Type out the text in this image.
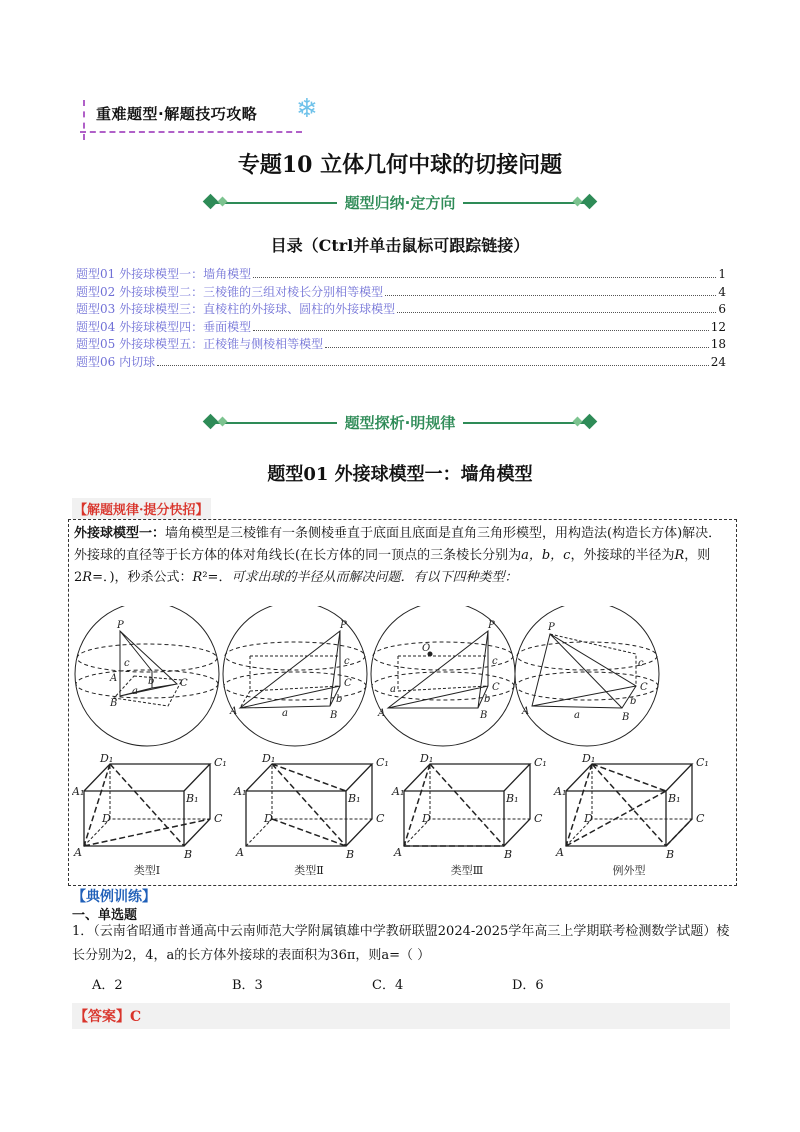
重难题型·解题技巧攻略 ❄
专题10 立体几何中球的切接问题
题型归纳·定方向
目录（Ctrl并单击鼠标可跟踪链接）
题型01 外接球模型一：墙角模型	1
题型02 外接球模型二：三棱锥的三组对棱长分别相等模型	4
题型03 外接球模型三：直棱柱的外接球、圆柱的外接球模型	6
题型04 外接球模型四：垂面模型	12
题型05 外接球模型五：正棱锥与侧棱相等模型	18
题型06 内切球	24
题型探析·明规律
题型01 外接球模型一：墙角模型
【解题规律·提分快招】
外接球模型一：墙角模型是三棱锥有一条侧棱垂直于底面且底面是直角三角形模型，用构造法(构造长方体)解决．外接球的直径等于长方体的体对角线长(在长方体的同一顶点的三条棱长分别为a，b，c，外接球的半径为R，则2R=．)，秒杀公式：R²=．可求出球的半径从而解决问题．有以下四种类型：
P
C
B
A
c
b
a
P
B
A
C
c
b
a
O
P
B
A
C
c
b
a
P
B
A
C
c
b
a
D₁	C₁
A₁
B₁
D	C
A	B
D₁	C₁
A₁
B₁
D	C
A	B
D₁	C₁
A₁
B₁
D	C
A	B
D₁	C₁
A₁
B₁
D	C
A	B
类型Ⅰ	类型Ⅱ	类型Ⅲ	例外型
【典例训练】
一、单选题
1．（云南省昭通市普通高中云南师范大学附属镇雄中学教研联盟2024-2025学年高三上学期联考检测数学试题）棱长分别为2，4，a的长方体外接球的表面积为36π，则a=（ ）
A．2	B．3	C．4	D．6
【答案】C
